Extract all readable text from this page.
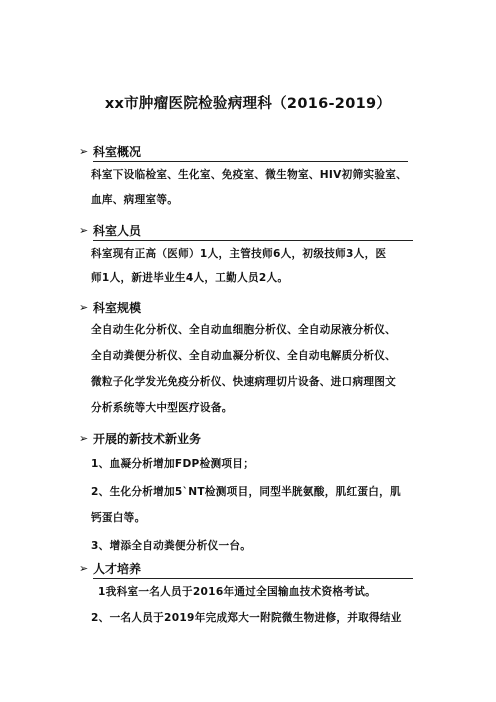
xx市肿瘤医院检验病理科（2016-2019）
➢ 科室概况
科室下设临检室、生化室、免疫室、微生物室、HIV初筛实验室、
血库、病理室等。
➢ 科室人员
科室现有正高（医师）1人，主管技师6人，初级技师3人，医
师1人，新进毕业生4人，工勤人员2人。
➢ 科室规模
全自动生化分析仪、全自动血细胞分析仪、全自动尿液分析仪、
全自动粪便分析仪、全自动血凝分析仪、全自动电解质分析仪、
微粒子化学发光免疫分析仪、快速病理切片设备、进口病理图文
分析系统等大中型医疗设备。
➢ 开展的新技术新业务
1、血凝分析增加FDP检测项目；
2、生化分析增加5`NT检测项目，同型半胱氨酸，肌红蛋白，肌
钙蛋白等。
3、增添全自动粪便分析仪一台。
➢ 人才培养
1我科室一名人员于2016年通过全国输血技术资格考试。
2、一名人员于2019年完成郑大一附院微生物进修，并取得结业
